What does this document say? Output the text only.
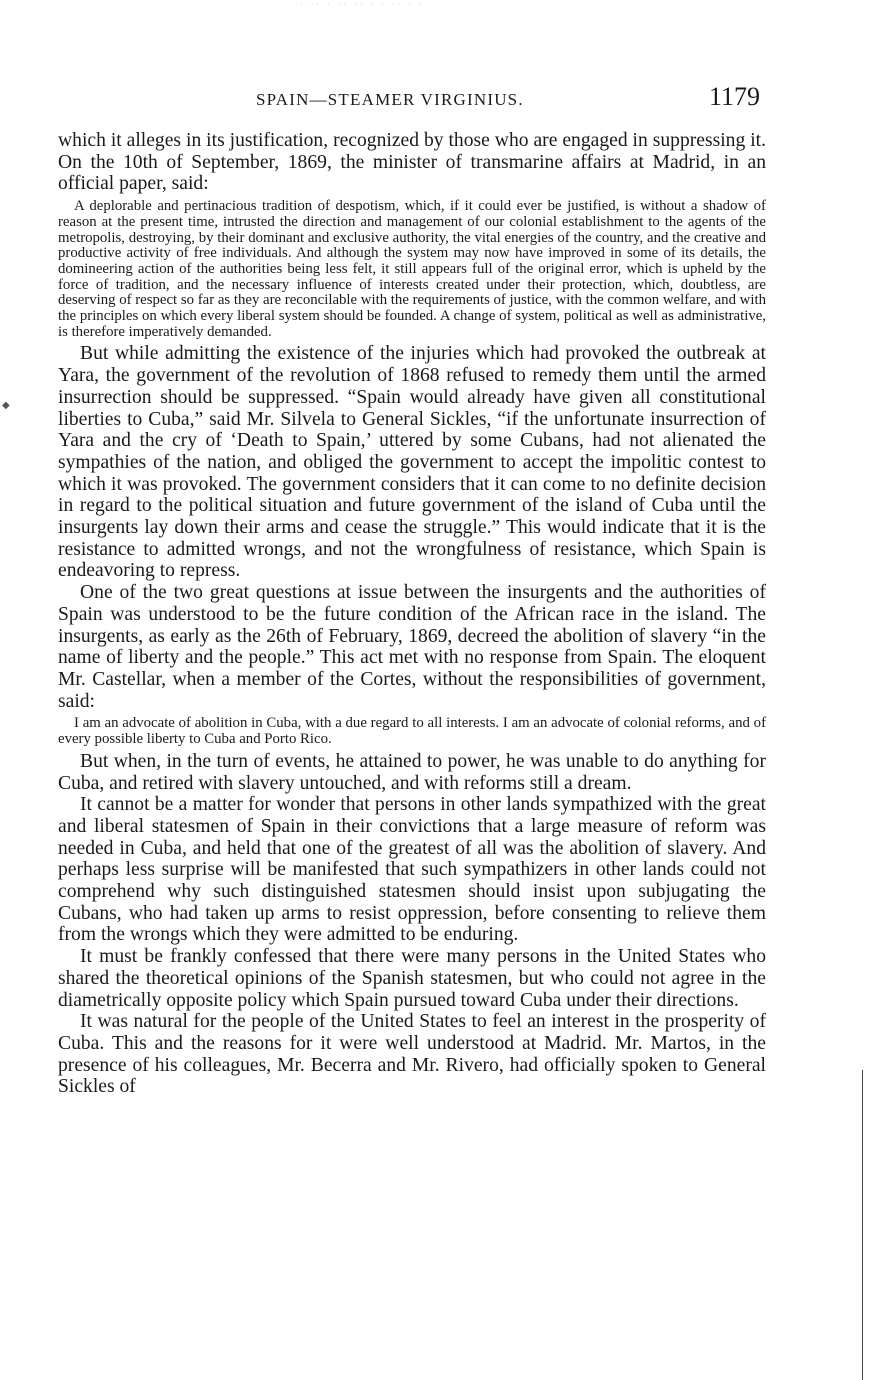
· ·· · ·· ·· · · ·· · ·
SPAIN—STEAMER VIRGINIUS.	1179

which it alleges in its justification, recognized by those who are engaged in suppressing it. On the 10th of September, 1869, the minister of transmarine affairs at Madrid, in an official paper, said:

A deplorable and pertinacious tradition of despotism, which, if it could ever be justified, is without a shadow of reason at the present time, intrusted the direction and management of our colonial establishment to the agents of the metropolis, destroying, by their dominant and exclusive authority, the vital energies of the country, and the creative and productive activity of free individuals. And although the system may now have improved in some of its details, the domineering action of the authorities being less felt, it still appears full of the original error, which is upheld by the force of tradition, and the necessary influence of interests created under their protection, which, doubtless, are deserving of respect so far as they are reconcilable with the requirements of justice, with the common welfare, and with the principles on which every liberal system should be founded. A change of system, political as well as administrative, is therefore imperatively demanded.

But while admitting the existence of the injuries which had provoked the outbreak at Yara, the government of the revolution of 1868 refused to remedy them until the armed insurrection should be suppressed. “Spain would already have given all constitutional liberties to Cuba,” said Mr. Silvela to General Sickles, “if the unfortunate insurrection of Yara and the cry of ‘Death to Spain,’ uttered by some Cubans, had not alienated the sympathies of the nation, and obliged the government to accept the impolitic contest to which it was provoked. The government considers that it can come to no definite decision in regard to the political situation and future government of the island of Cuba until the insurgents lay down their arms and cease the struggle.” This would indicate that it is the resistance to admitted wrongs, and not the wrongfulness of resistance, which Spain is endeavoring to repress.

One of the two great questions at issue between the insurgents and the authorities of Spain was understood to be the future condition of the African race in the island. The insurgents, as early as the 26th of February, 1869, decreed the abolition of slavery “in the name of liberty and the people.” This act met with no response from Spain. The eloquent Mr. Castellar, when a member of the Cortes, without the responsibilities of government, said:

I am an advocate of abolition in Cuba, with a due regard to all interests. I am an advocate of colonial reforms, and of every possible liberty to Cuba and Porto Rico.

But when, in the turn of events, he attained to power, he was unable to do anything for Cuba, and retired with slavery untouched, and with reforms still a dream.

It cannot be a matter for wonder that persons in other lands sympathized with the great and liberal statesmen of Spain in their convictions that a large measure of reform was needed in Cuba, and held that one of the greatest of all was the abolition of slavery. And perhaps less surprise will be manifested that such sympathizers in other lands could not comprehend why such distinguished statesmen should insist upon subjugating the Cubans, who had taken up arms to resist oppression, before consenting to relieve them from the wrongs which they were admitted to be enduring.

It must be frankly confessed that there were many persons in the United States who shared the theoretical opinions of the Spanish statesmen, but who could not agree in the diametrically opposite policy which Spain pursued toward Cuba under their directions.

It was natural for the people of the United States to feel an interest in the prosperity of Cuba. This and the reasons for it were well understood at Madrid. Mr. Martos, in the presence of his colleagues, Mr. Becerra and Mr. Rivero, had officially spoken to General Sickles of

◆
